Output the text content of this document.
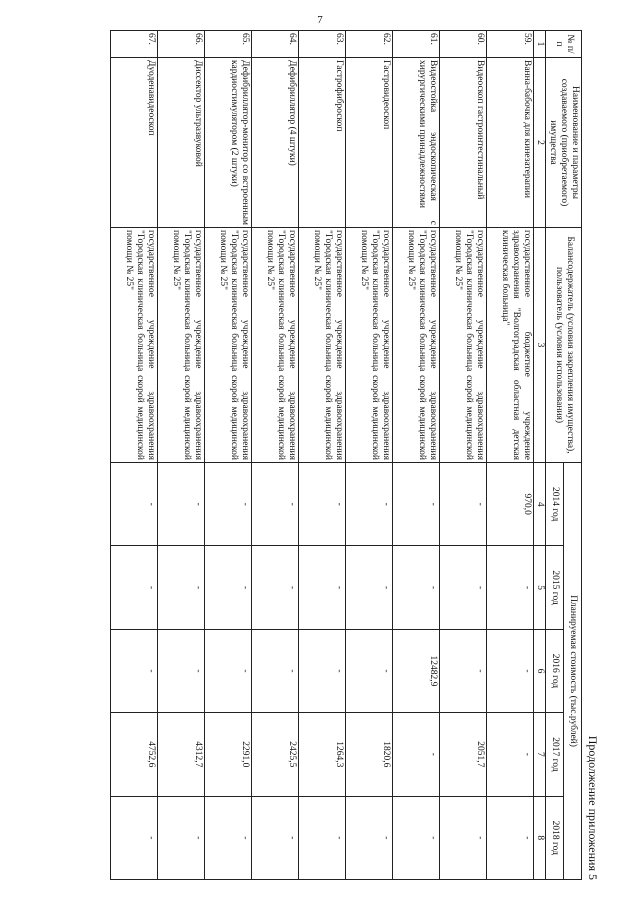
7
Продолжение приложения 5
№ п/п	Наименование и параметры создаваемого (приобретаемого) имущества	Балансодержатель (условия закрепления имущества), пользователь (условия использования)	Планируемая стоимость (тыс.рублей)				
			2014 год	2015 год	2016 год	2017 год	2018 год
1	2	3	4	5	6	7	8
59.	Ванна-бабочка для кинезатерапии	государственное бюджетное учреждение здравоохранения "Волгоградская областная детская клиническая больница"	970,0	-	-	-	-
60.	Видеоскоп гастроинтестинальный	государственное учреждение здравоохранения "Городская клиническая больница скорой медицинской помощи № 25"	-	-	-	2051,7	-
61.	Видеостойка эндоскопическая с хирургическими принадлежностями	государственное учреждение здравоохранения "Городская клиническая больница скорой медицинской помощи № 25"	-	-	12482,9	-	-
62.	Гастровидеоскоп	государственное учреждение здравоохранения "Городская клиническая больница скорой медицинской помощи № 25"	-	-	-	1820,6	-
63.	Гастрофиброскоп	государственное учреждение здравоохранения "Городская клиническая больница скорой медицинской помощи № 25"	-	-	-	1264,3	-
64.	Дефибриллятор (4 штуки)	государственное учреждение здравоохранения "Городская клиническая больница скорой медицинской помощи № 25"	-	-	-	2425,5	-
65.	Дефибриллятор-монитор со встроенным кардиостимулятором (2 штуки)	государственное учреждение здравоохранения "Городская клиническая больница скорой медицинской помощи № 25"	-	-	-	2291,0	-
66.	Диссектор ультразвуковой	государственное учреждение здравоохранения "Городская клиническая больница скорой медицинской помощи № 25"	-	-	-	4312,7	-
67.	Дуоденавидеоскоп	государственное учреждение здравоохранения "Городская клиническая больница скорой медицинской помощи № 25"	-	-	-	4752,6	-
